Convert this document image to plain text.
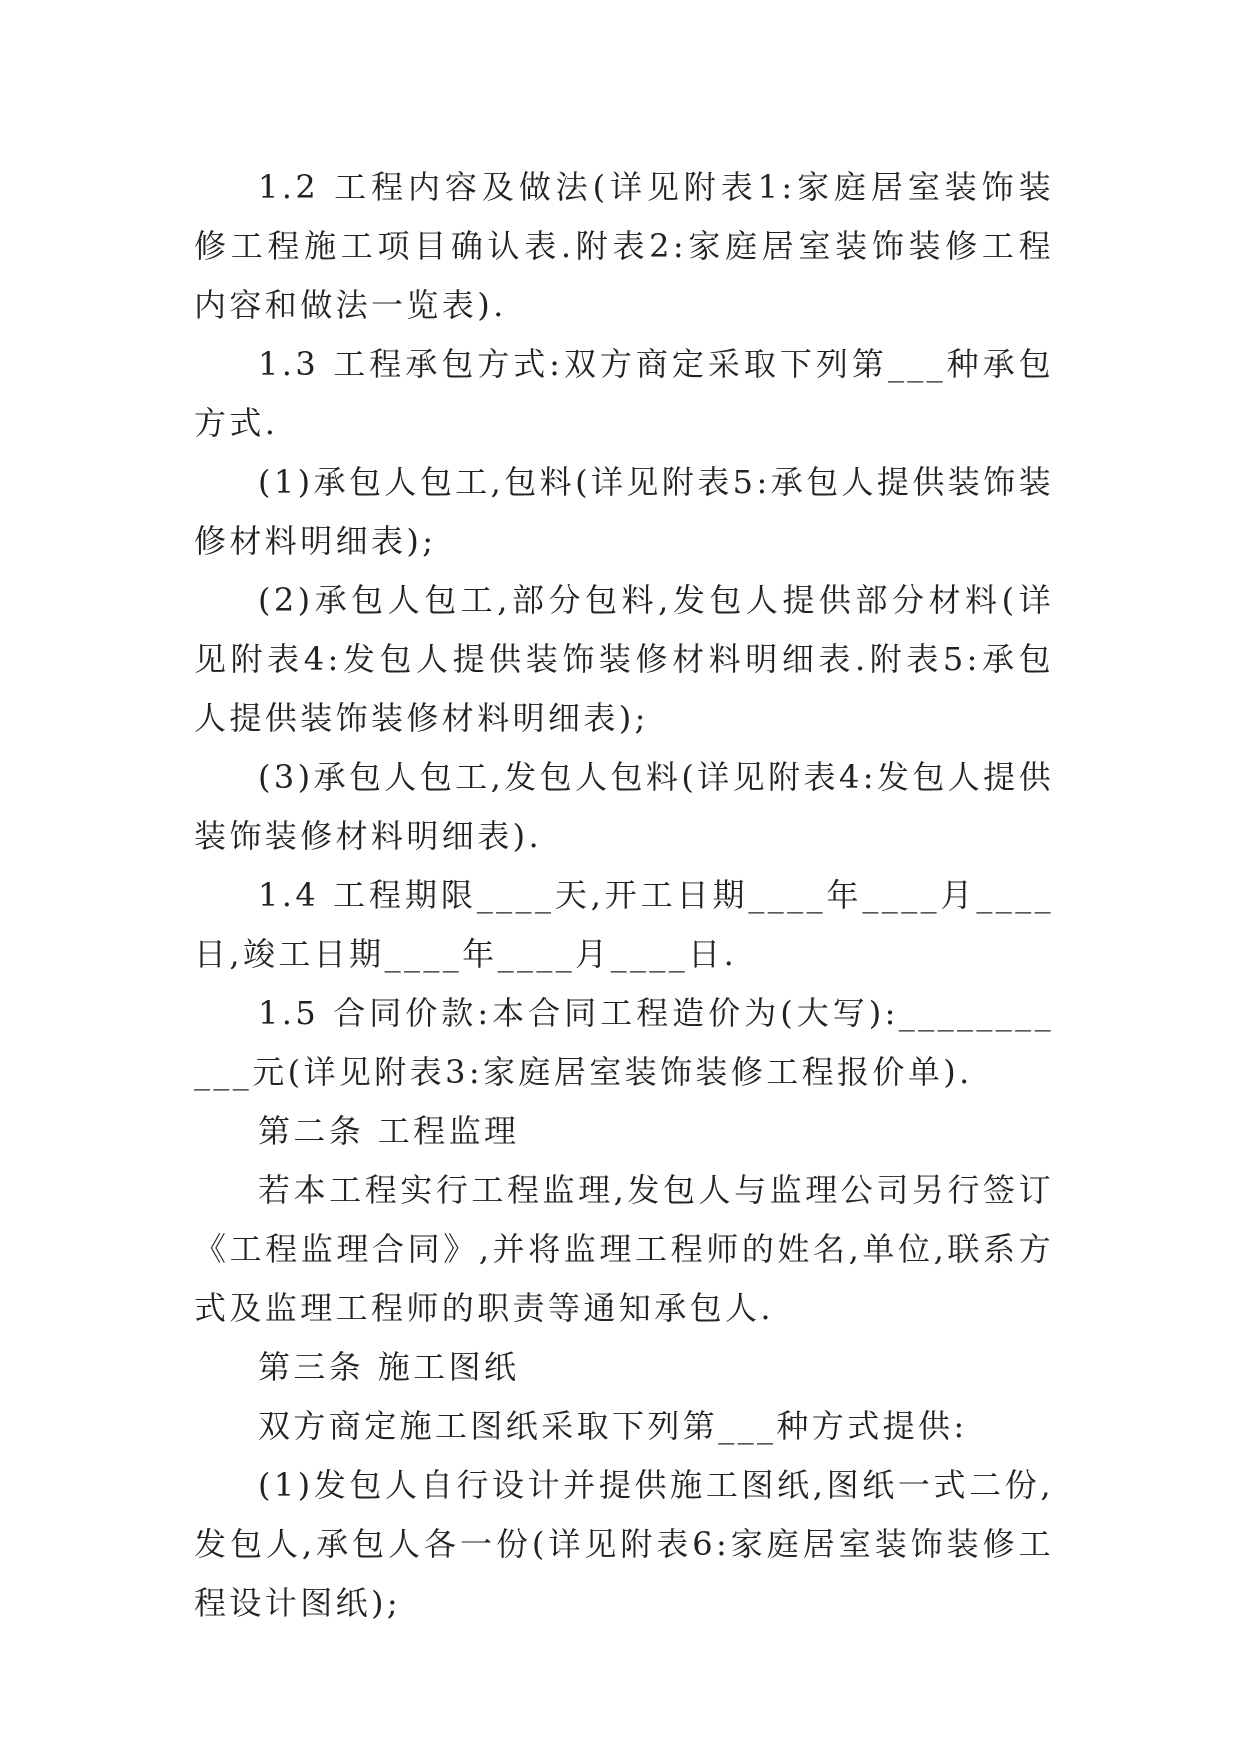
1.2 工程内容及做法(详见附表1:家庭居室装饰装修工程施工项目确认表.附表2:家庭居室装饰装修工程内容和做法一览表).

1.3 工程承包方式:双方商定采取下列第___种承包方式.

(1)承包人包工,包料(详见附表5:承包人提供装饰装修材料明细表);

(2)承包人包工,部分包料,发包人提供部分材料(详见附表4:发包人提供装饰装修材料明细表.附表5:承包人提供装饰装修材料明细表);

(3)承包人包工,发包人包料(详见附表4:发包人提供装饰装修材料明细表).

1.4 工程期限____天,开工日期____年____月____日,竣工日期____年____月____日.

1.5 合同价款:本合同工程造价为(大写):___________元(详见附表3:家庭居室装饰装修工程报价单).

第二条 工程监理

若本工程实行工程监理,发包人与监理公司另行签订《工程监理合同》,并将监理工程师的姓名,单位,联系方式及监理工程师的职责等通知承包人.

第三条 施工图纸

双方商定施工图纸采取下列第___种方式提供:

(1)发包人自行设计并提供施工图纸,图纸一式二份,发包人,承包人各一份(详见附表6:家庭居室装饰装修工程设计图纸);
